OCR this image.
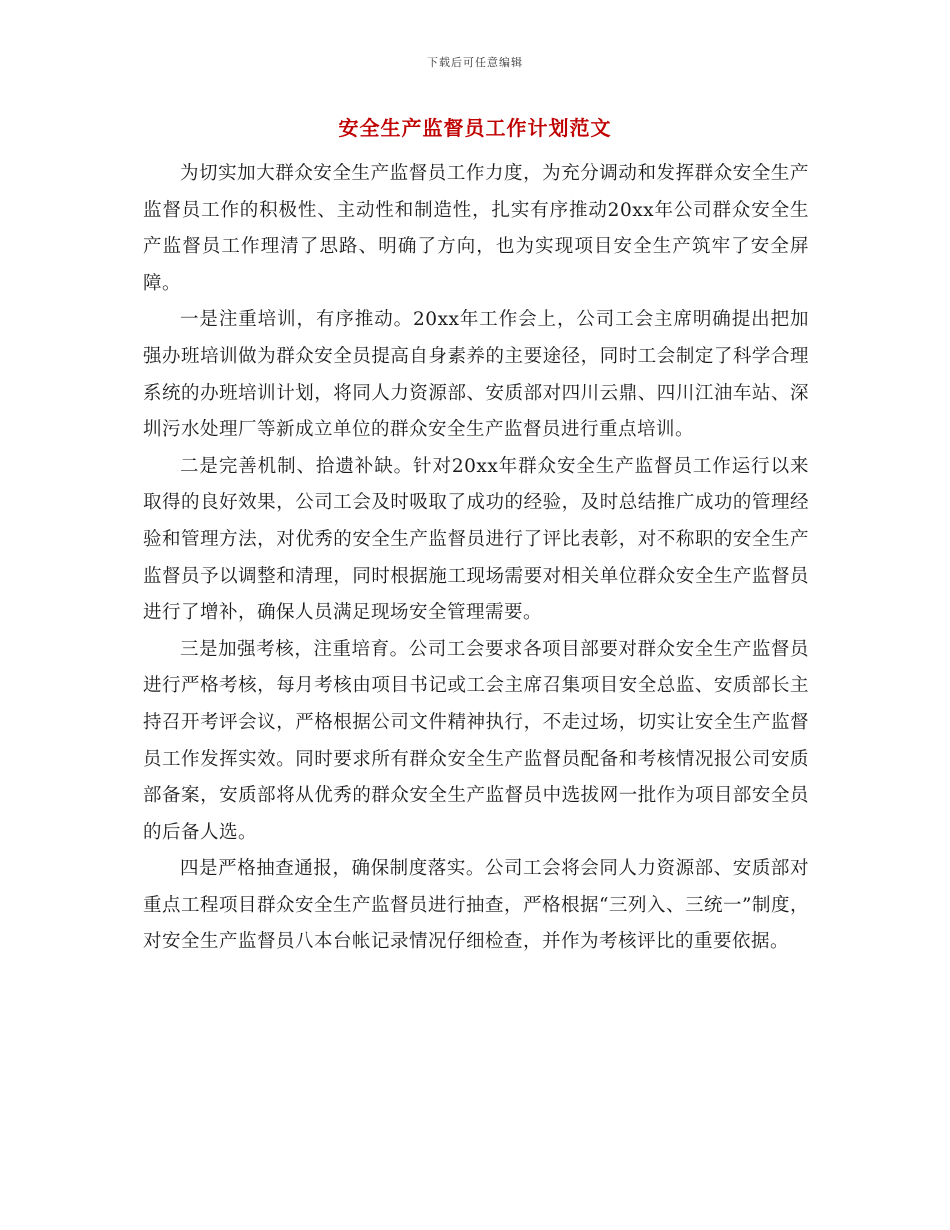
下载后可任意编辑
安全生产监督员工作计划范文

为切实加大群众安全生产监督员工作力度，为充分调动和发挥群众安全生产监督员工作的积极性、主动性和制造性，扎实有序推动20xx年公司群众安全生产监督员工作理清了思路、明确了方向，也为实现项目安全生产筑牢了安全屏障。

一是注重培训，有序推动。20xx年工作会上，公司工会主席明确提出把加强办班培训做为群众安全员提高自身素养的主要途径，同时工会制定了科学合理系统的办班培训计划，将同人力资源部、安质部对四川云鼎、四川江油车站、深圳污水处理厂等新成立单位的群众安全生产监督员进行重点培训。

二是完善机制、拾遗补缺。针对20xx年群众安全生产监督员工作运行以来取得的良好效果，公司工会及时吸取了成功的经验，及时总结推广成功的管理经验和管理方法，对优秀的安全生产监督员进行了评比表彰，对不称职的安全生产监督员予以调整和清理，同时根据施工现场需要对相关单位群众安全生产监督员进行了增补，确保人员满足现场安全管理需要。

三是加强考核，注重培育。公司工会要求各项目部要对群众安全生产监督员进行严格考核，每月考核由项目书记或工会主席召集项目安全总监、安质部长主持召开考评会议，严格根据公司文件精神执行，不走过场，切实让安全生产监督员工作发挥实效。同时要求所有群众安全生产监督员配备和考核情况报公司安质部备案，安质部将从优秀的群众安全生产监督员中选拔网一批作为项目部安全员的后备人选。

四是严格抽查通报，确保制度落实。公司工会将会同人力资源部、安质部对重点工程项目群众安全生产监督员进行抽查，严格根据“三列入、三统一”制度，对安全生产监督员八本台帐记录情况仔细检查，并作为考核评比的重要依据。
